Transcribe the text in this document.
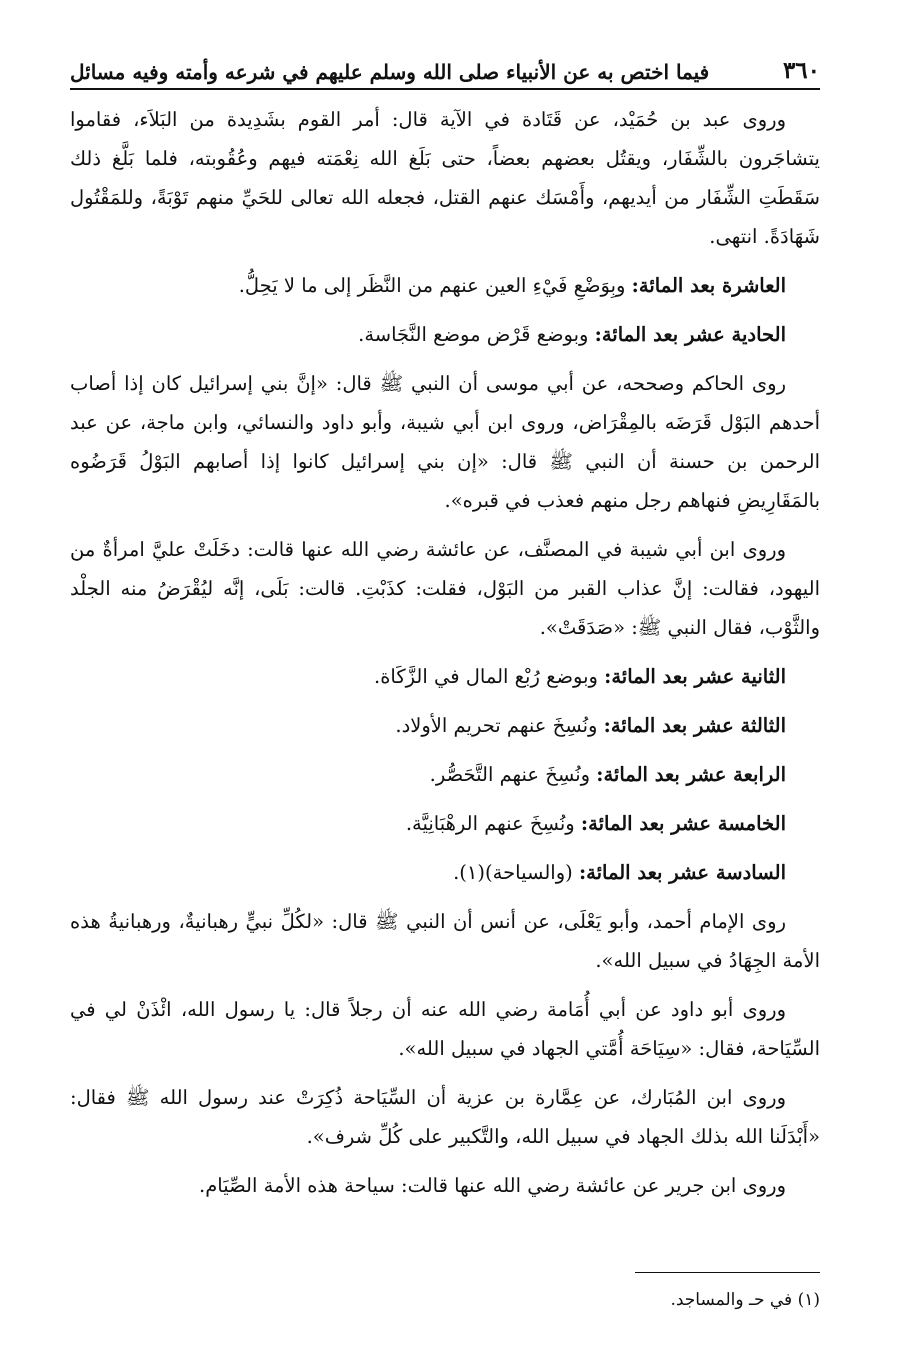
٣٦٠
فيما اختص به عن الأنبياء صلى الله وسلم عليهم في شرعه وأمته وفيه مسائل

وروى عبد بن حُمَيْد، عن قَتَادة في الآية قال: أمر القوم بشَدِيدة من البَلاَء، فقاموا يتشاجَرون بالشِّفَار، ويقتُل بعضهم بعضاً، حتى بَلَغ الله نِعْمَته فيهم وعُقُوبته، فلما بَلَّغ ذلك سَقَطَتِ الشِّفَار من أيديهم، وأَمْسَك عنهم القتل، فجعله الله تعالى للحَيِّ منهم تَوْبَةً، وللمَقْتُول شَهَادَةً. انتهى.

العاشرة بعد المائة: وبِوَضْعِ فَيْءِ العين عنهم من النَّظَر إلى ما لا يَحِلُّ.

الحادية عشر بعد المائة: وبوضع قَرْض موضع النَّجَاسة.

روى الحاكم وصححه، عن أبي موسى أن النبي ﷺ قال: «إنَّ بني إسرائيل كان إذا أصاب أحدهم البَوْل قَرَضَه بالمِقْرَاض، وروى ابن أبي شيبة، وأبو داود والنسائي، وابن ماجة، عن عبد الرحمن بن حسنة أن النبي ﷺ قال: «إن بني إسرائيل كانوا إذا أصابهم البَوْلُ قَرَضُوه بالمَقَارِيضِ فنهاهم رجل منهم فعذب في قبره».

وروى ابن أبي شيبة في المصنَّف، عن عائشة رضي الله عنها قالت: دخَلَتْ عليَّ امرأةٌ من اليهود، فقالت: إنَّ عذاب القبر من البَوْل، فقلت: كذَبْتِ. قالت: بَلَى، إنَّه ليُقْرَضُ منه الجلْد والثَّوْب، فقال النبي ﷺ: «صَدَقَتْ».

الثانية عشر بعد المائة: وبوضع رُبْع المال في الزَّكَاة.

الثالثة عشر بعد المائة: ونُسِخَ عنهم تحريم الأولاد.

الرابعة عشر بعد المائة: ونُسِخَ عنهم التَّحَصُّر.

الخامسة عشر بعد المائة: ونُسِخَ عنهم الرهْبَانِيَّة.

السادسة عشر بعد المائة: (والسياحة)(١).

روى الإمام أحمد، وأبو يَعْلَى، عن أنس أن النبي ﷺ قال: «لكُلِّ نبيٍّ رهبانيةٌ، ورهبانيةُ هذه الأمة الجِهَادُ في سبيل الله».

وروى أبو داود عن أبي أُمَامة رضي الله عنه أن رجلاً قال: يا رسول الله، ائْذَنْ لي في السِّيَاحة، فقال: «سِيَاحَة أُمَّتي الجهاد في سبيل الله».

وروى ابن المُبَارك، عن عِمَّارة بن عزية أن السِّيَاحة ذُكِرَتْ عند رسول الله ﷺ فقال: «أَبْدَلَنا الله بذلك الجهاد في سبيل الله، والتَّكبير على كُلِّ شرف».

وروى ابن جرير عن عائشة رضي الله عنها قالت: سياحة هذه الأمة الصِّيَام.

(١) في حـ والمساجد.
